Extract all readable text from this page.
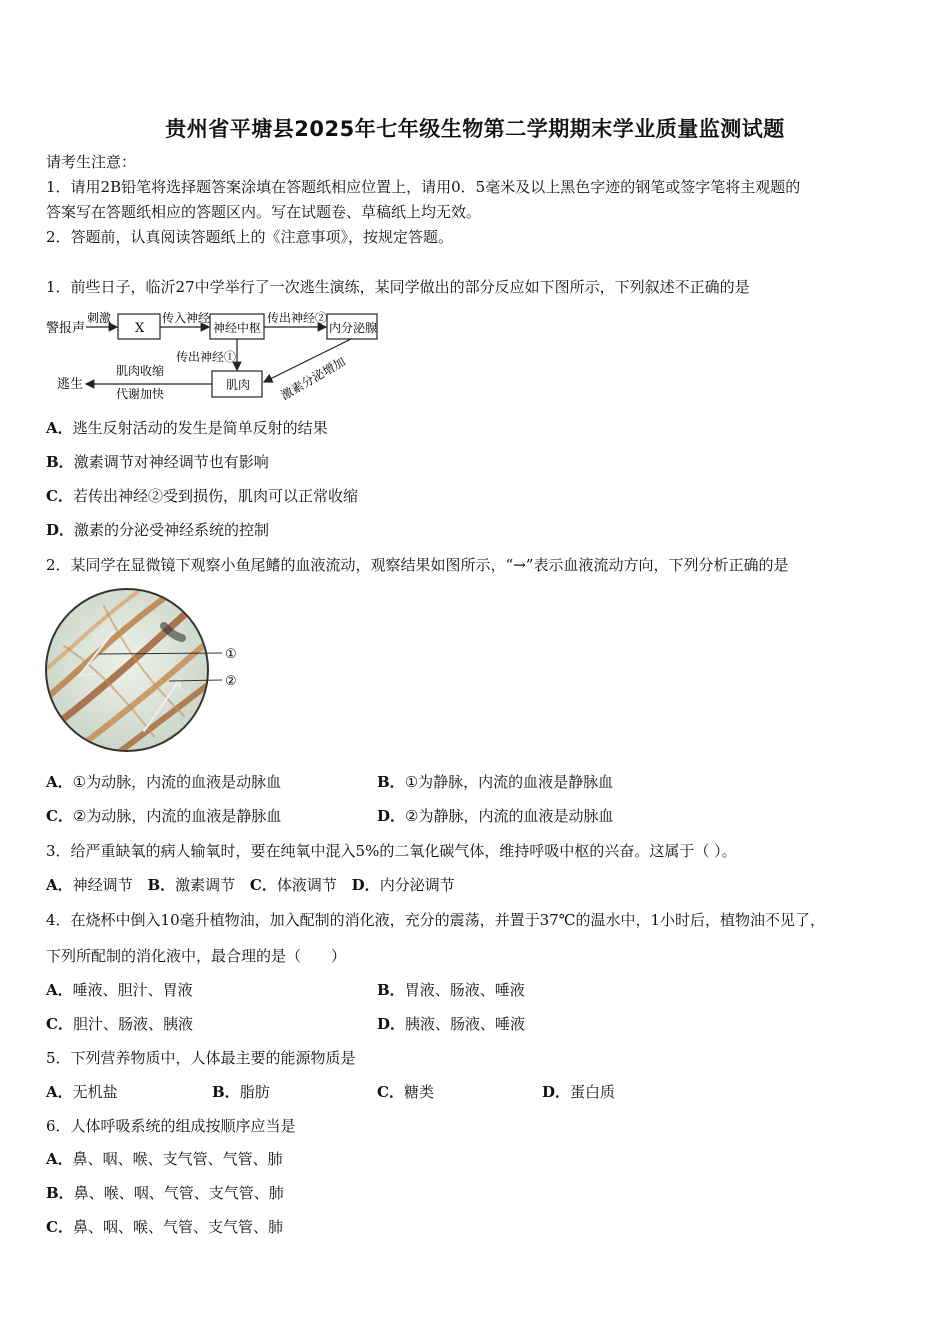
贵州省平塘县2025年七年级生物第二学期期末学业质量监测试题
请考生注意：
1．请用2B铅笔将选择题答案涂填在答题纸相应位置上，请用0．5毫米及以上黑色字迹的钢笔或签字笔将主观题的
答案写在答题纸相应的答题区内。写在试题卷、草稿纸上均无效。
2．答题前，认真阅读答题纸上的《注意事项》，按规定答题。
1．前些日子，临沂27中学举行了一次逃生演练，某同学做出的部分反应如下图所示，下列叙述不正确的是
警报声
刺激
X
传入神经
神经中枢
传出神经②
内分泌腺
传出神经①
肌肉 激素分泌增加
肌肉收缩
代谢加快
逃生
A．逃生反射活动的发生是简单反射的结果
B．激素调节对神经调节也有影响
C．若传出神经②受到损伤，肌肉可以正常收缩
D．激素的分泌受神经系统的控制
2．某同学在显微镜下观察小鱼尾鳍的血液流动，观察结果如图所示，“→”表示血液流动方向，下列分析正确的是
①
②
A．①为动脉，内流的血液是动脉血	B．①为静脉，内流的血液是静脉血
C．②为动脉，内流的血液是静脉血	D．②为静脉，内流的血液是动脉血
3．给严重缺氧的病人输氧时，要在纯氧中混入5%的二氧化碳气体，维持呼吸中枢的兴奋。这属于（ ）。
A．神经调节 B．激素调节 C．体液调节 D．内分泌调节
4．在烧杯中倒入10毫升植物油，加入配制的消化液，充分的震荡，并置于37℃的温水中，1小时后，植物油不见了，
下列所配制的消化液中，最合理的是（　　）
A．唾液、胆汁、胃液	B．胃液、肠液、唾液
C．胆汁、肠液、胰液	D．胰液、肠液、唾液
5．下列营养物质中，人体最主要的能源物质是
A．无机盐	B．脂肪	C．糖类	D．蛋白质
6．人体呼吸系统的组成按顺序应当是
A．鼻、咽、喉、支气管、气管、肺
B．鼻、喉、咽、气管、支气管、肺
C．鼻、咽、喉、气管、支气管、肺
